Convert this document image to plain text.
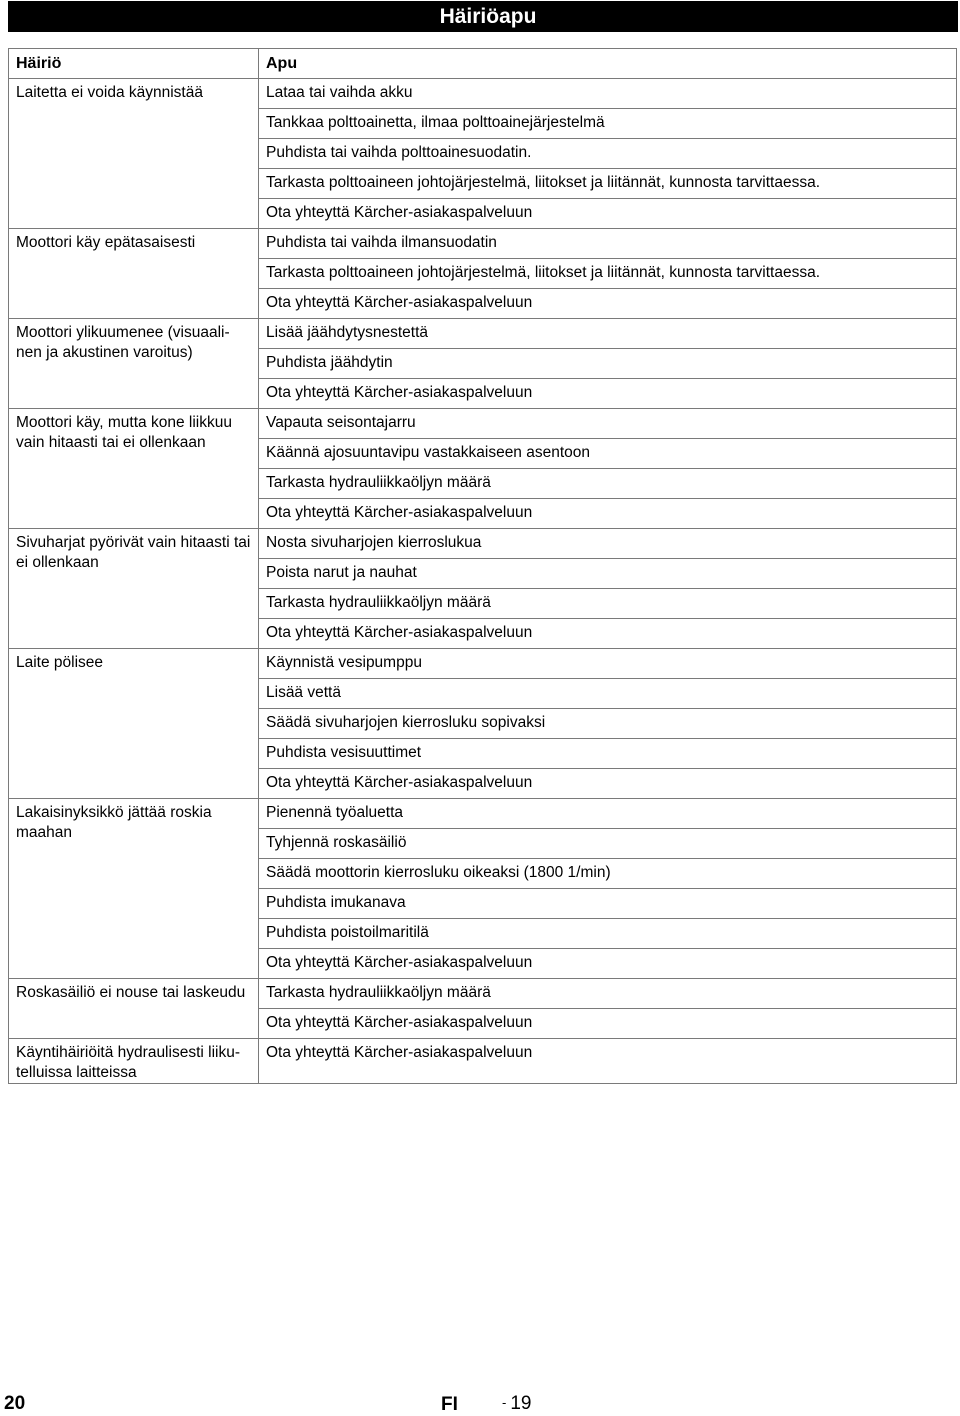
Häiriöapu
Häiriö	Apu
Laitetta ei voida käynnistää	Lataa tai vaihda akku
	Tankkaa polttoainetta, ilmaa polttoainejärjestelmä
	Puhdista tai vaihda polttoainesuodatin.
	Tarkasta polttoaineen johtojärjestelmä, liitokset ja liitännät, kunnosta tarvittaessa.
	Ota yhteyttä Kärcher-asiakaspalveluun
Moottori käy epätasaisesti	Puhdista tai vaihda ilmansuodatin
	Tarkasta polttoaineen johtojärjestelmä, liitokset ja liitännät, kunnosta tarvittaessa.
	Ota yhteyttä Kärcher-asiakaspalveluun
Moottori ylikuumenee (visuaali-
nen ja akustinen varoitus)	Lisää jäähdytysnestettä
	Puhdista jäähdytin
	Ota yhteyttä Kärcher-asiakaspalveluun
Moottori käy, mutta kone liikkuu
vain hitaasti tai ei ollenkaan	Vapauta seisontajarru
	Käännä ajosuuntavipu vastakkaiseen asentoon
	Tarkasta hydrauliikkaöljyn määrä
	Ota yhteyttä Kärcher-asiakaspalveluun
Sivuharjat pyörivät vain hitaasti tai
ei ollenkaan	Nosta sivuharjojen kierroslukua
	Poista narut ja nauhat
	Tarkasta hydrauliikkaöljyn määrä
	Ota yhteyttä Kärcher-asiakaspalveluun
Laite pölisee	Käynnistä vesipumppu
	Lisää vettä
	Säädä sivuharjojen kierrosluku sopivaksi
	Puhdista vesisuuttimet
	Ota yhteyttä Kärcher-asiakaspalveluun
Lakaisinyksikkö jättää roskia
maahan	Pienennä työaluetta
	Tyhjennä roskasäiliö
	Säädä moottorin kierrosluku oikeaksi (1800 1/min)
	Puhdista imukanava
	Puhdista poistoilmaritilä
	Ota yhteyttä Kärcher-asiakaspalveluun
Roskasäiliö ei nouse tai laskeudu	Tarkasta hydrauliikkaöljyn määrä
	Ota yhteyttä Kärcher-asiakaspalveluun
Käyntihäiriöitä hydraulisesti liiku-
telluissa laitteissa	Ota yhteyttä Kärcher-asiakaspalveluun
20	FI	- 19
